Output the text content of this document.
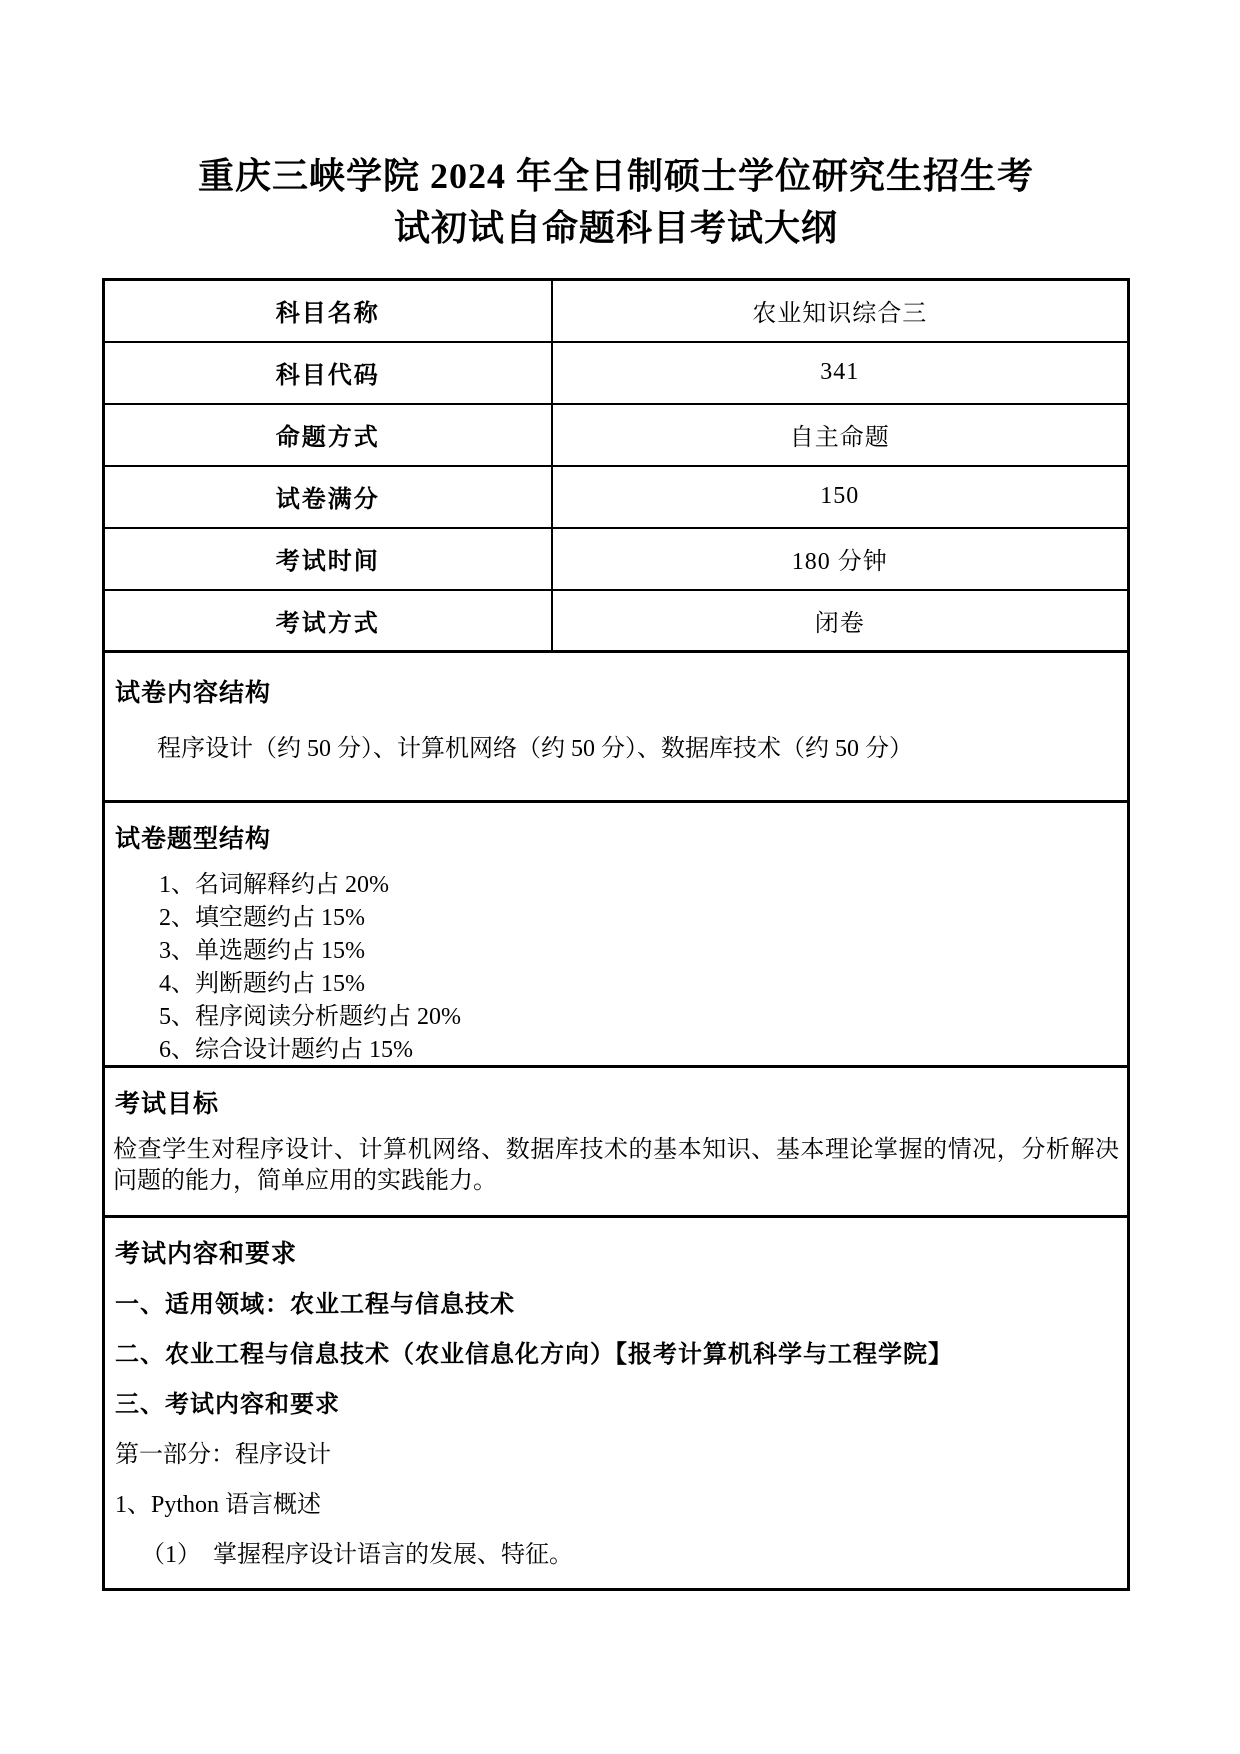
重庆三峡学院 2024 年全日制硕士学位研究生招生考
试初试自命题科目考试大纲
科目名称	农业知识综合三
科目代码	341
命题方式	自主命题
试卷满分	150
考试时间	180 分钟
考试方式	闭卷
试卷内容结构
程序设计（约 50 分）、计算机网络（约 50 分）、数据库技术（约 50 分）
试卷题型结构
1、名词解释约占 20%
2、填空题约占 15%
3、单选题约占 15%
4、判断题约占 15%
5、程序阅读分析题约占 20%
6、综合设计题约占 15%
考试目标
检查学生对程序设计、计算机网络、数据库技术的基本知识、基本理论掌握的情况，分析解决问题的能力，简单应用的实践能力。
考试内容和要求
一、适用领域：农业工程与信息技术
二、农业工程与信息技术（农业信息化方向）【报考计算机科学与工程学院】
三、考试内容和要求
第一部分：程序设计
1、Python 语言概述
（1）  掌握程序设计语言的发展、特征。
